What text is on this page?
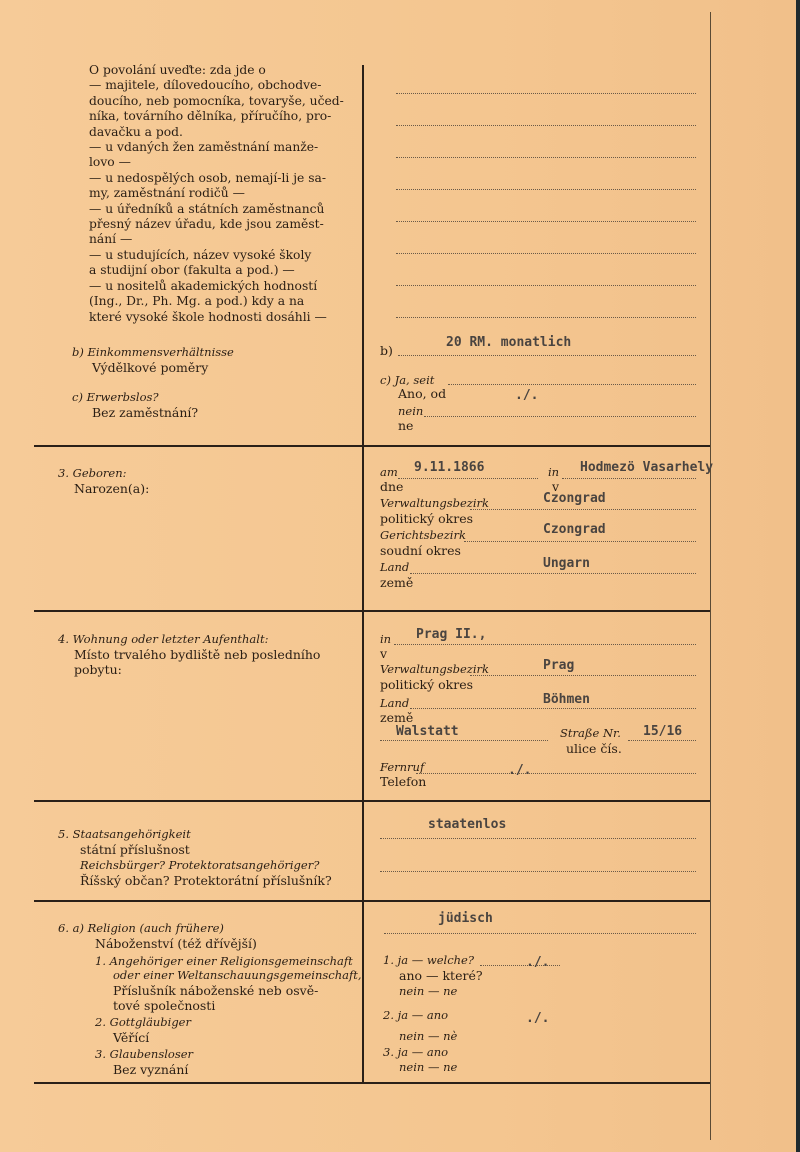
O povolání uveďte: zda jde o
— majitele, dílovedoucího, obchodve-
doucího, neb pomocníka, tovaryše, učed-
níka, továrního dělníka, příručího, pro-
davačku a pod.
— u vdaných žen zaměstnání manže-
lovo —
— u nedospělých osob, nemají-li je sa-
my, zaměstnání rodičů —
— u úředníků a státních zaměstnanců
přesný název úřadu, kde jsou zaměst-
nání —
— u studujících, název vysoké školy
a studijní obor (fakulta a pod.) —
— u nositelů akademických hodností
(Ing., Dr., Ph. Mg. a pod.) kdy a na
které vysoké škole hodnosti dosáhli —
b) Einkommensverhältnisse
Výdělkové poměry
c) Erwerbslos?
Bez zaměstnání?
b)
20 RM. monatlich
c) Ja, seit
Ano, od	./.
nein
ne
3. Geboren:
Narozen(a):
am 9.11.1866
dne
in Hodmezö Vasarhely
v
Verwaltungsbezirk	Czongrad
politický okres
Gerichtsbezirk	Czongrad
soudní okres
Land	Ungarn
země
4. Wohnung oder letzter Aufenthalt:
Místo trvalého bydliště neb posledního
pobytu:
in Prag II.,
v
Verwaltungsbezirk	Prag
politický okres
Land	Böhmen
země
Walstatt	Straße Nr. 15/16
ulice čís.
Fernruf	./.
Telefon
5. Staatsangehörigkeit
státní příslušnost
Reichsbürger? Protektoratsangehöriger?
Říšský občan? Protektorátní příslušník?
staatenlos
6. a) Religion (auch frühere)
Náboženství (též dřívější)
1. Angehöriger einer Religionsgemeinschaft
oder einer Weltanschauungsgemeinschaft,
Příslušník náboženské neb osvě-
tové společnosti
2. Gottgläubiger
Věřící
3. Glaubensloser
Bez vyznání
jüdisch
1. ja — welche?	./.
ano — které?
nein — ne
2. ja — ano	./.
nein — nè
3. ja — ano
nein — ne
